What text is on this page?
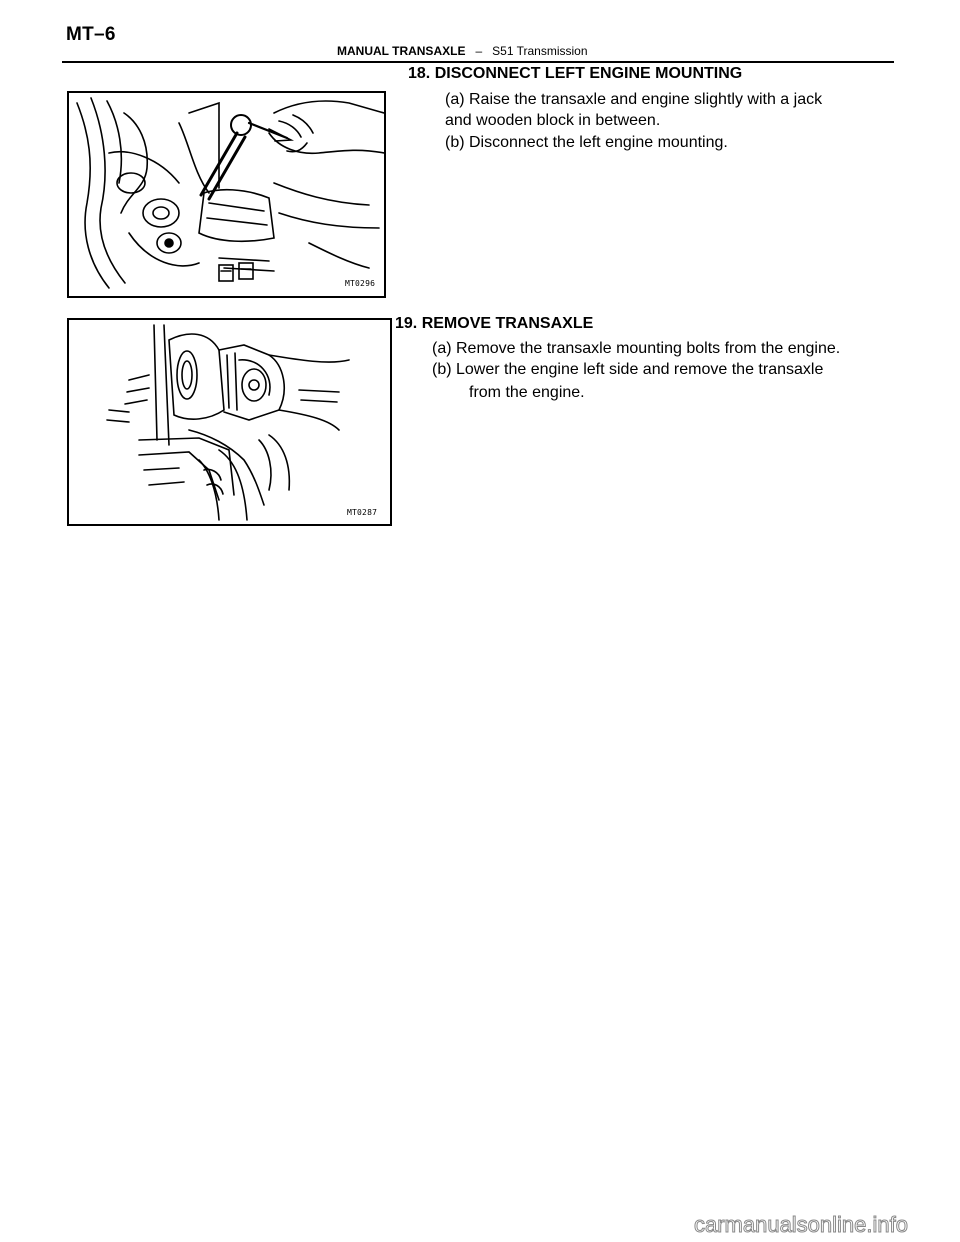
MT–6
MANUAL TRANSAXLE – S51 Transmission
MT0296
18. DISCONNECT LEFT ENGINE MOUNTING
(a) Raise the transaxle and engine slightly with a jack
and wooden block in between.
(b) Disconnect the left engine mounting.
MT0287
19. REMOVE TRANSAXLE
(a) Remove the transaxle mounting bolts from the engine.
(b) Lower the engine left side and remove the transaxle
from the engine.
carmanualsonline.info
